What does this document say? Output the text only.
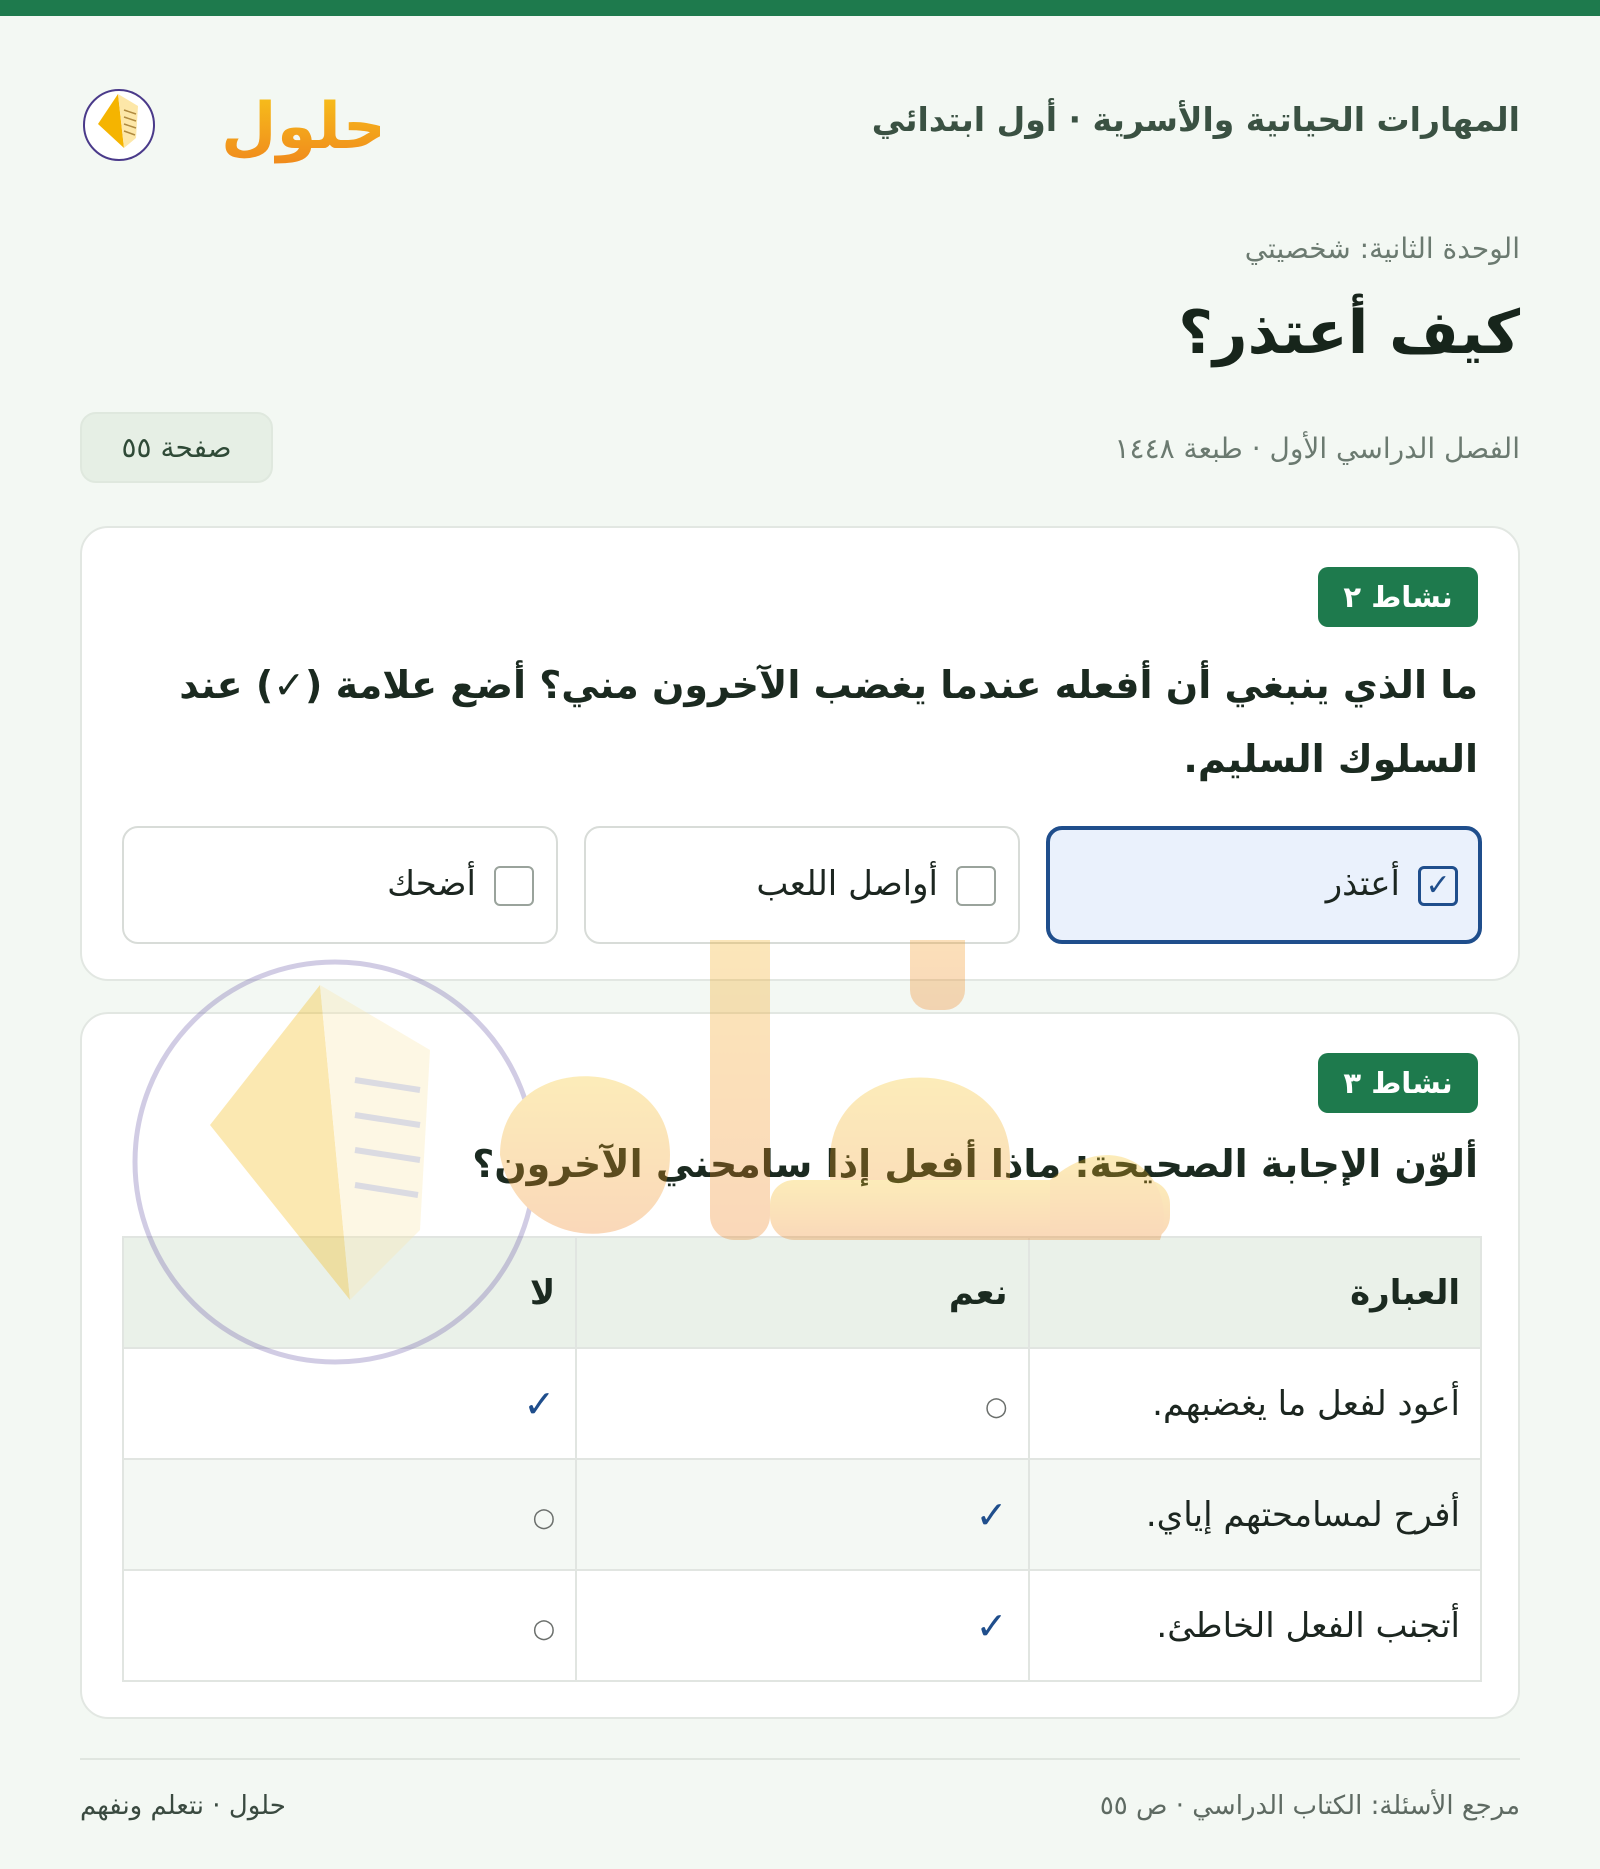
المهارات الحياتية والأسرية · أول ابتدائي
حلول
الوحدة الثانية: شخصيتي
كيف أعتذر؟
الفصل الدراسي الأول · طبعة ١٤٤٨
صفحة ٥٥
نشاط ٢

ما الذي ينبغي أن أفعله عندما يغضب الآخرون مني؟ أضع علامة (✓) عند السلوك السليم.

✓
أعتذر
أواصل اللعب
أضحك
نشاط ٣

ألوّن الإجابة الصحيحة: ماذا أفعل إذا سامحني الآخرون؟

العبارة	نعم	لا
أعود لفعل ما يغضبهم.	○	✓
أفرح لمسامحتهم إياي.	✓	○
أتجنب الفعل الخاطئ.	✓	○
مرجع الأسئلة: الكتاب الدراسي · ص ٥٥
حلول · نتعلم ونفهم
